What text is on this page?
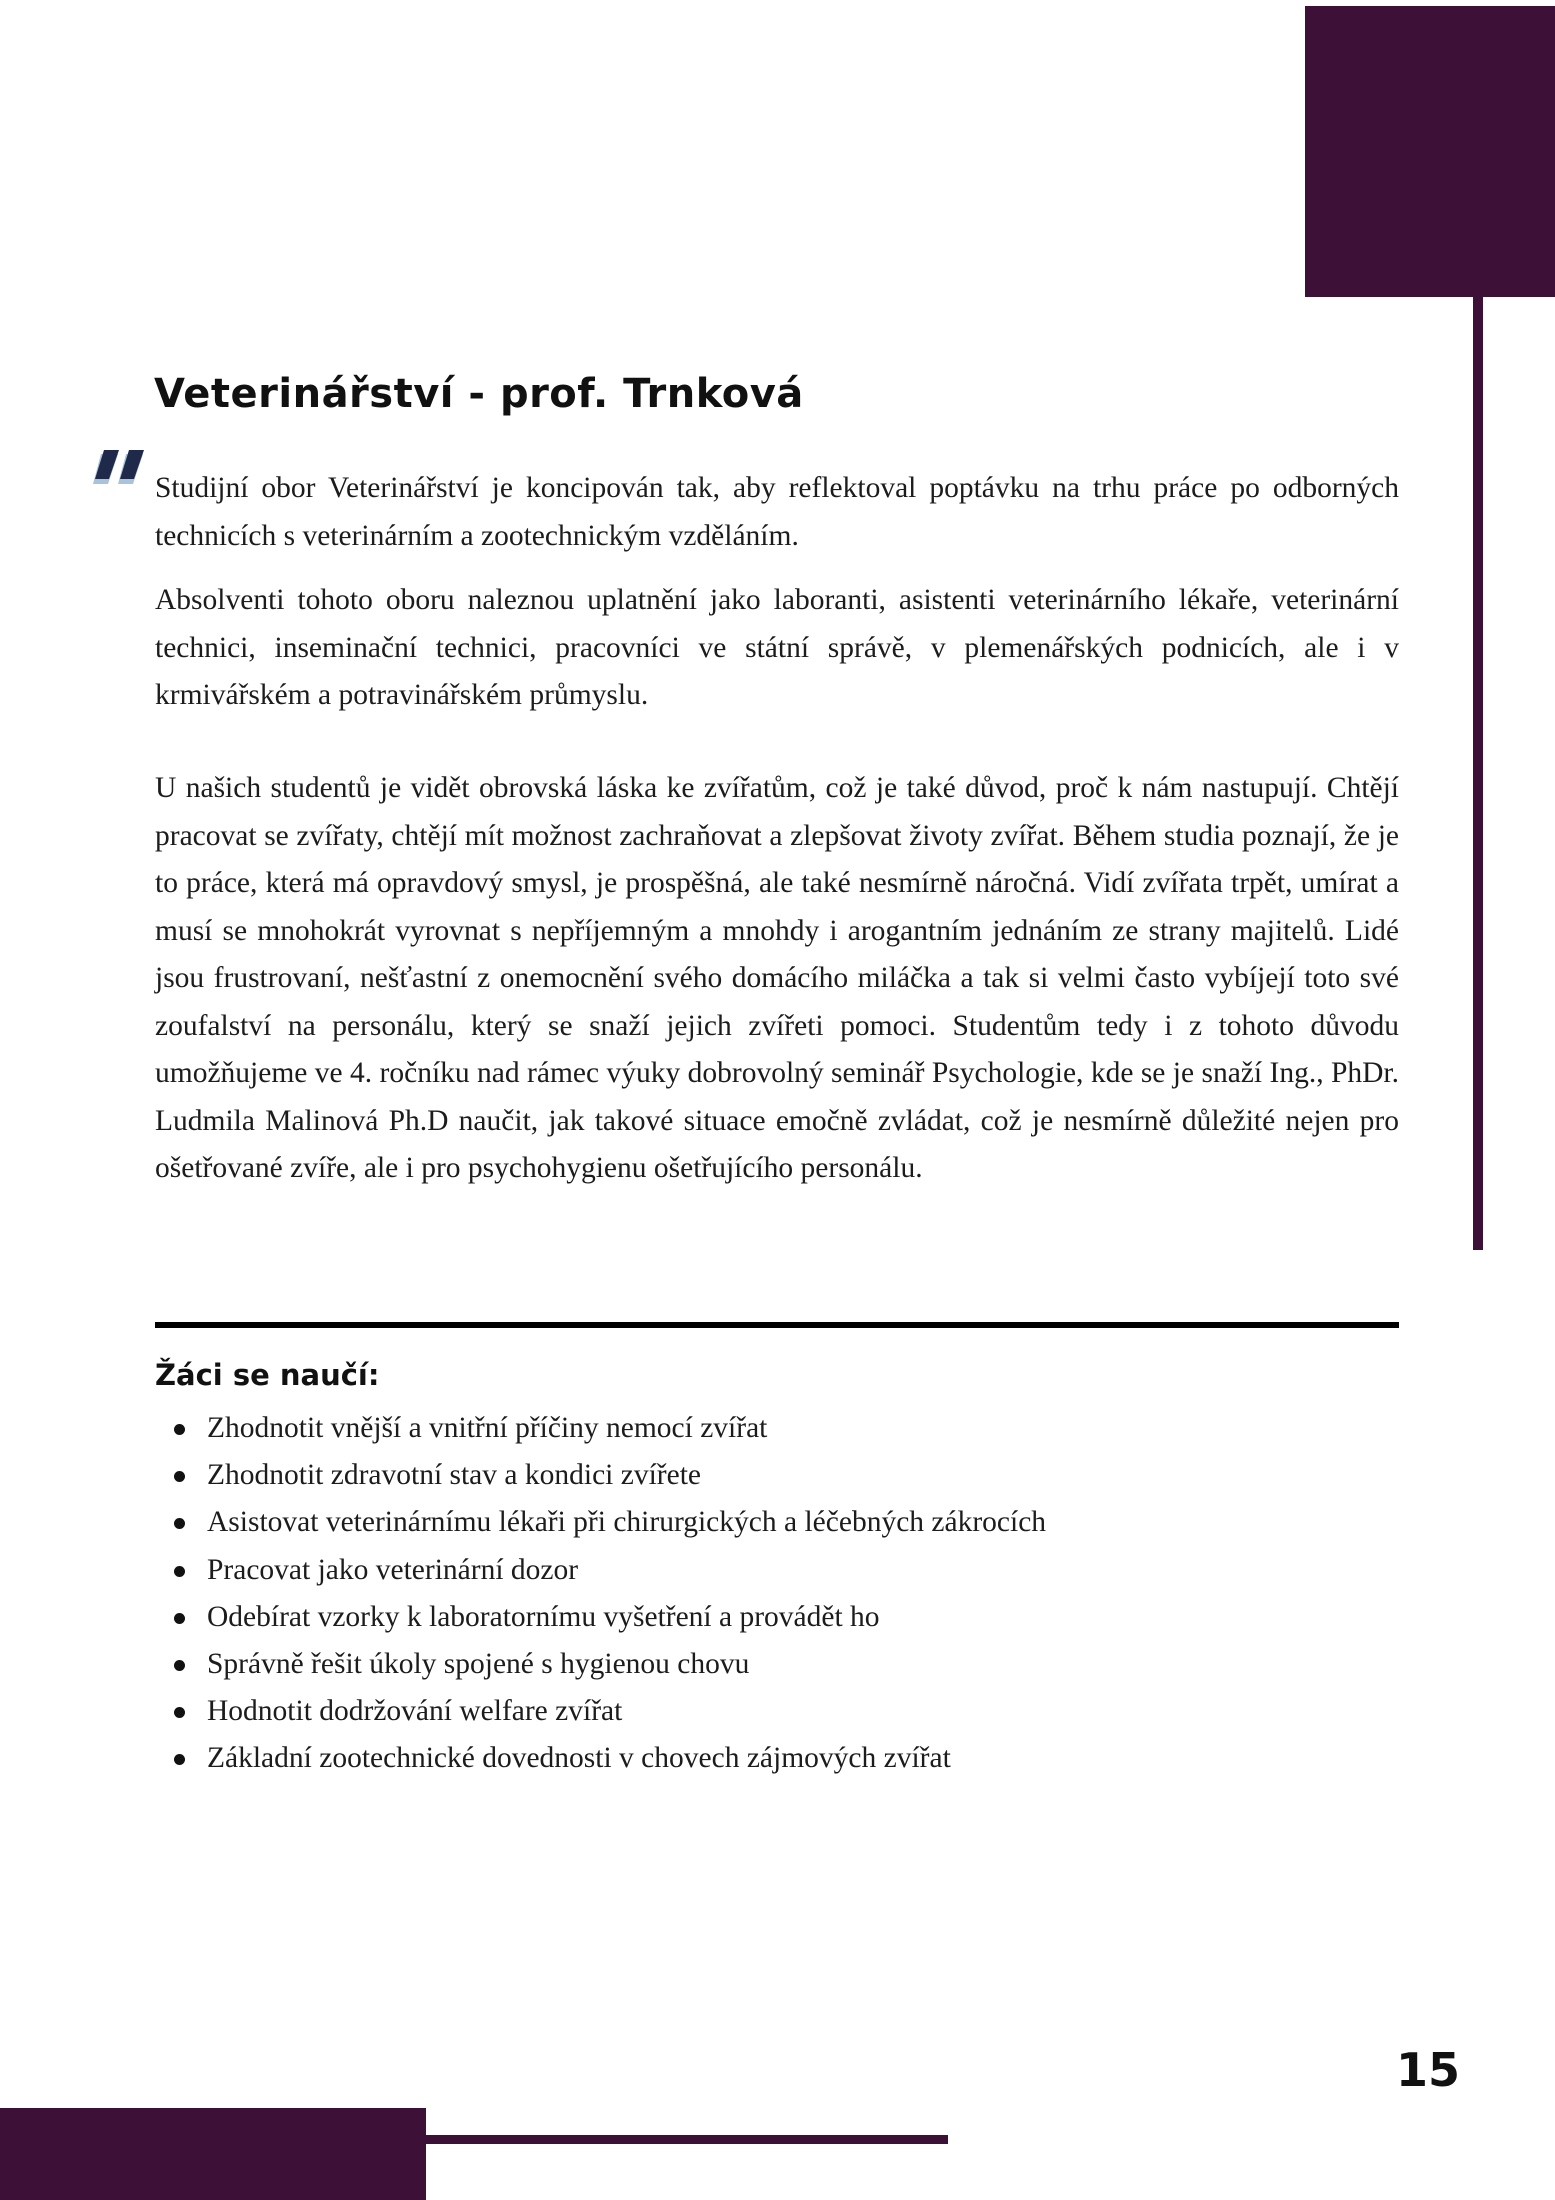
Veterinářství - prof. Trnková

Studijní obor Veterinářství je koncipován tak, aby reflektoval poptávku na trhu práce po odborných technicích s veterinárním a zootechnickým vzděláním.

Absolventi tohoto oboru naleznou uplatnění jako laboranti, asistenti veterinárního lékaře, veterinární technici, inseminační technici, pracovníci ve státní správě, v plemenářských podnicích, ale i v krmivářském a potravinářském průmyslu.

U našich studentů je vidět obrovská láska ke zvířatům, což je také důvod, proč k nám nastupují. Chtějí pracovat se zvířaty, chtějí mít možnost zachraňovat a zlepšovat životy zvířat. Během studia poznají, že je to práce, která má opravdový smysl, je prospěšná, ale také nesmírně náročná. Vidí zvířata trpět, umírat a musí se mnohokrát vyrovnat s nepříjemným a mnohdy i arogantním jednáním ze strany majitelů. Lidé jsou frustrovaní, nešťastní z onemocnění svého domácího miláčka a tak si velmi často vybíjejí toto své zoufalství na personálu, který se snaží jejich zvířeti pomoci. Studentům tedy i z tohoto důvodu umožňujeme ve 4. ročníku nad rámec výuky dobrovolný seminář Psychologie, kde se je snaží Ing., PhDr. Ludmila Malinová Ph.D naučit, jak takové situace emočně zvládat, což je nesmírně důležité nejen pro ošetřované zvíře, ale i pro psychohygienu ošetřujícího personálu.

Žáci se naučí:
Zhodnotit vnější a vnitřní příčiny nemocí zvířat
Zhodnotit zdravotní stav a kondici zvířete
Asistovat veterinárnímu lékaři při chirurgických a léčebných zákrocích
Pracovat jako veterinární dozor
Odebírat vzorky k laboratornímu vyšetření a provádět ho
Správně řešit úkoly spojené s hygienou chovu
Hodnotit dodržování welfare zvířat
Základní zootechnické dovednosti v chovech zájmových zvířat
15
